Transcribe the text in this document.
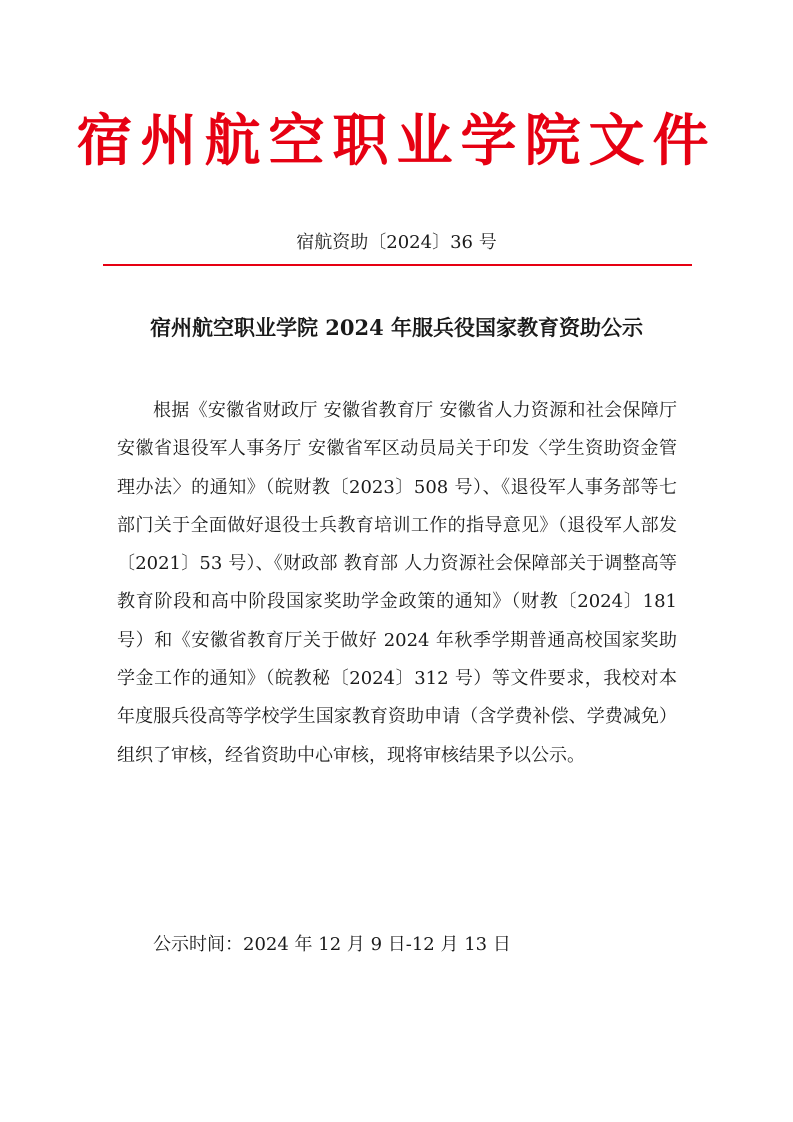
宿州航空职业学院文件
宿航资助〔2024〕36 号
宿州航空职业学院 2024 年服兵役国家教育资助公示

根据《安徽省财政厅 安徽省教育厅 安徽省人力资源和社会保障厅 安徽省退役军人事务厅 安徽省军区动员局关于印发〈学生资助资金管理办法〉的通知》（皖财教〔2023〕508 号）、《退役军人事务部等七部门关于全面做好退役士兵教育培训工作的指导意见》（退役军人部发〔2021〕53 号）、《财政部 教育部 人力资源社会保障部关于调整高等教育阶段和高中阶段国家奖助学金政策的通知》（财教〔2024〕181 号）和《安徽省教育厅关于做好 2024 年秋季学期普通高校国家奖助学金工作的通知》（皖教秘〔2024〕312 号）等文件要求，我校对本年度服兵役高等学校学生国家教育资助申请（含学费补偿、学费减免）组织了审核，经省资助中心审核，现将审核结果予以公示。

公示时间：2024 年 12 月 9 日-12 月 13 日
